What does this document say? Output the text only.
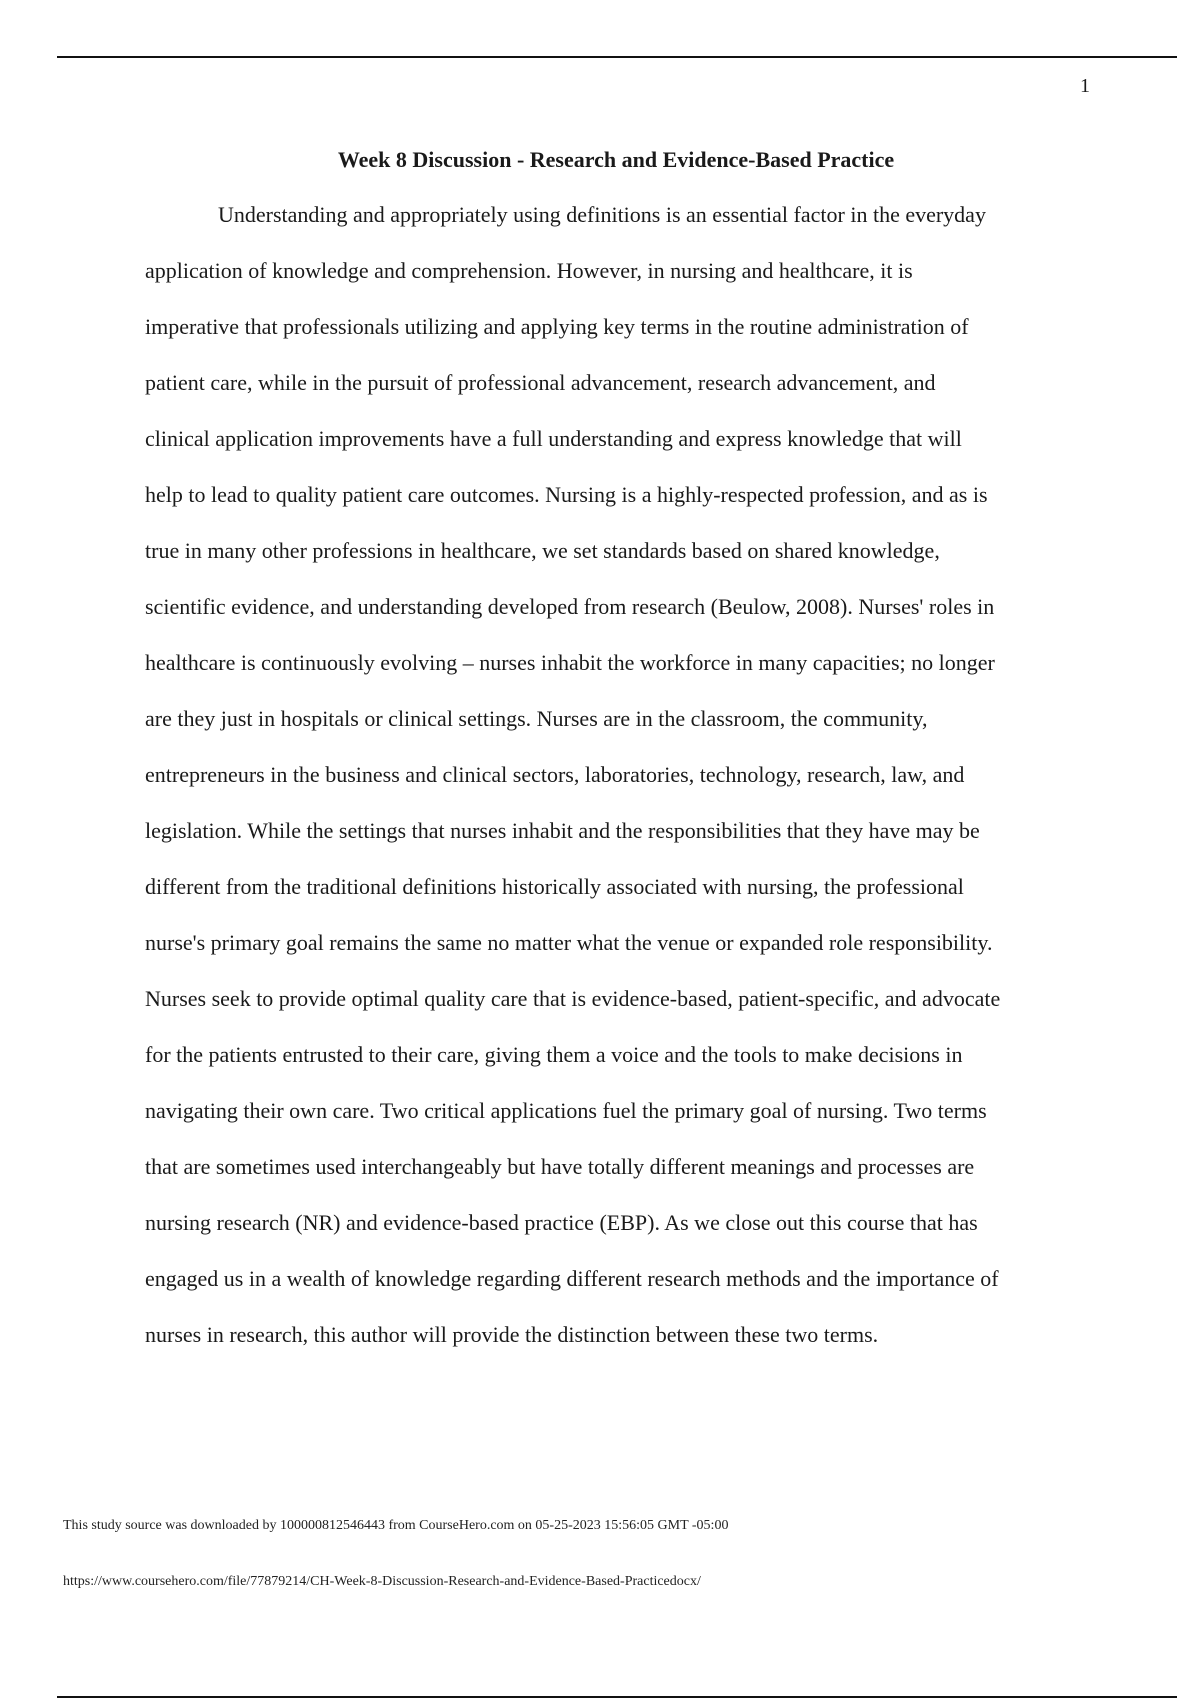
1
Week 8 Discussion - Research and Evidence-Based Practice

Understanding and appropriately using definitions is an essential factor in the everyday
application of knowledge and comprehension. However, in nursing and healthcare, it is
imperative that professionals utilizing and applying key terms in the routine administration of
patient care, while in the pursuit of professional advancement, research advancement, and
clinical application improvements have a full understanding and express knowledge that will
help to lead to quality patient care outcomes. Nursing is a highly-respected profession, and as is
true in many other professions in healthcare, we set standards based on shared knowledge,
scientific evidence, and understanding developed from research (Beulow, 2008). Nurses' roles in
healthcare is continuously evolving – nurses inhabit the workforce in many capacities; no longer
are they just in hospitals or clinical settings. Nurses are in the classroom, the community,
entrepreneurs in the business and clinical sectors, laboratories, technology, research, law, and
legislation. While the settings that nurses inhabit and the responsibilities that they have may be
different from the traditional definitions historically associated with nursing, the professional
nurse's primary goal remains the same no matter what the venue or expanded role responsibility.
Nurses seek to provide optimal quality care that is evidence-based, patient-specific, and advocate
for the patients entrusted to their care, giving them a voice and the tools to make decisions in
navigating their own care. Two critical applications fuel the primary goal of nursing. Two terms
that are sometimes used interchangeably but have totally different meanings and processes are
nursing research (NR) and evidence-based practice (EBP). As we close out this course that has
engaged us in a wealth of knowledge regarding different research methods and the importance of
nurses in research, this author will provide the distinction between these two terms.

This study source was downloaded by 100000812546443 from CourseHero.com on 05-25-2023 15:56:05 GMT -05:00
https://www.coursehero.com/file/77879214/CH-Week-8-Discussion-Research-and-Evidence-Based-Practicedocx/
